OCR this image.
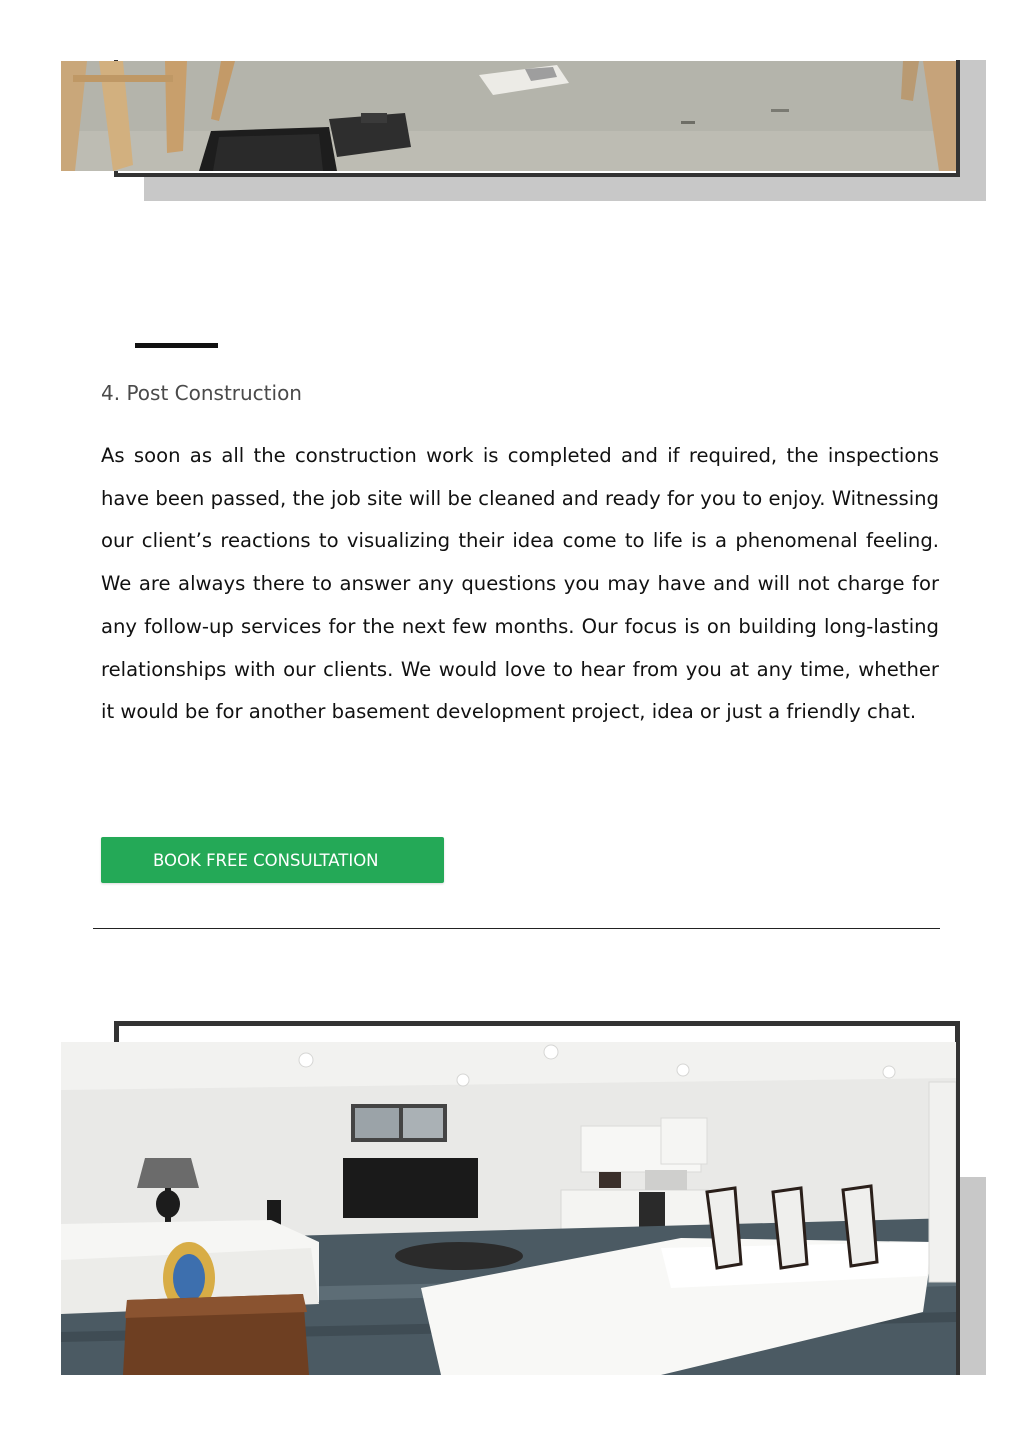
4. Post Construction

As soon as all the construction work is completed and if required, the inspections have been passed, the job site will be cleaned and ready for you to enjoy. Witnessing our client’s reactions to visualizing their idea come to life is a phenomenal feeling. We are always there to answer any questions you may have and will not charge for any follow-up services for the next few months. Our focus is on building long-lasting relationships with our clients. We would love to hear from you at any time, whether it would be for another basement development project, idea or just a friendly chat.

BOOK FREE CONSULTATION
